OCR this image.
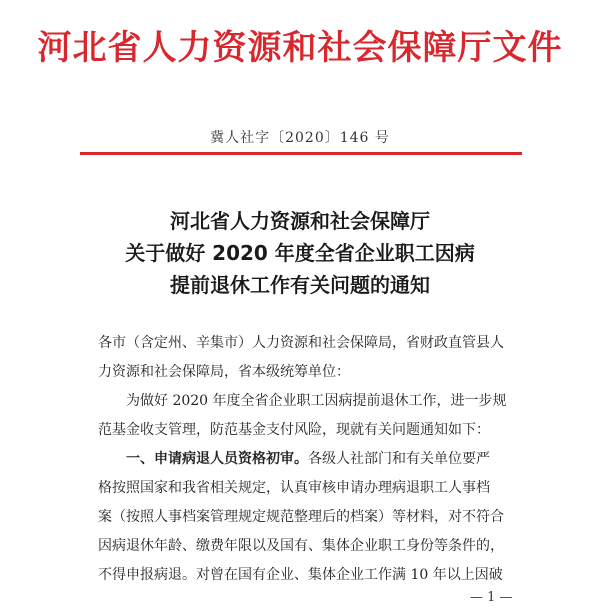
河北省人力资源和社会保障厅文件
冀人社字〔2020〕146 号
河北省人力资源和社会保障厅
关于做好 2020 年度全省企业职工因病
提前退休工作有关问题的通知
各市（含定州、辛集市）人力资源和社会保障局，省财政直管县人
力资源和社会保障局，省本级统筹单位：
为做好 2020 年度全省企业职工因病提前退休工作，进一步规
范基金收支管理，防范基金支付风险，现就有关问题通知如下：
一、申请病退人员资格初审。各级人社部门和有关单位要严
格按照国家和我省相关规定，认真审核申请办理病退职工人事档
案（按照人事档案管理规定规范整理后的档案）等材料，对不符合
因病退休年龄、缴费年限以及国有、集体企业职工身份等条件的，
不得申报病退。对曾在国有企业、集体企业工作满 10 年以上因破
— 1 —
